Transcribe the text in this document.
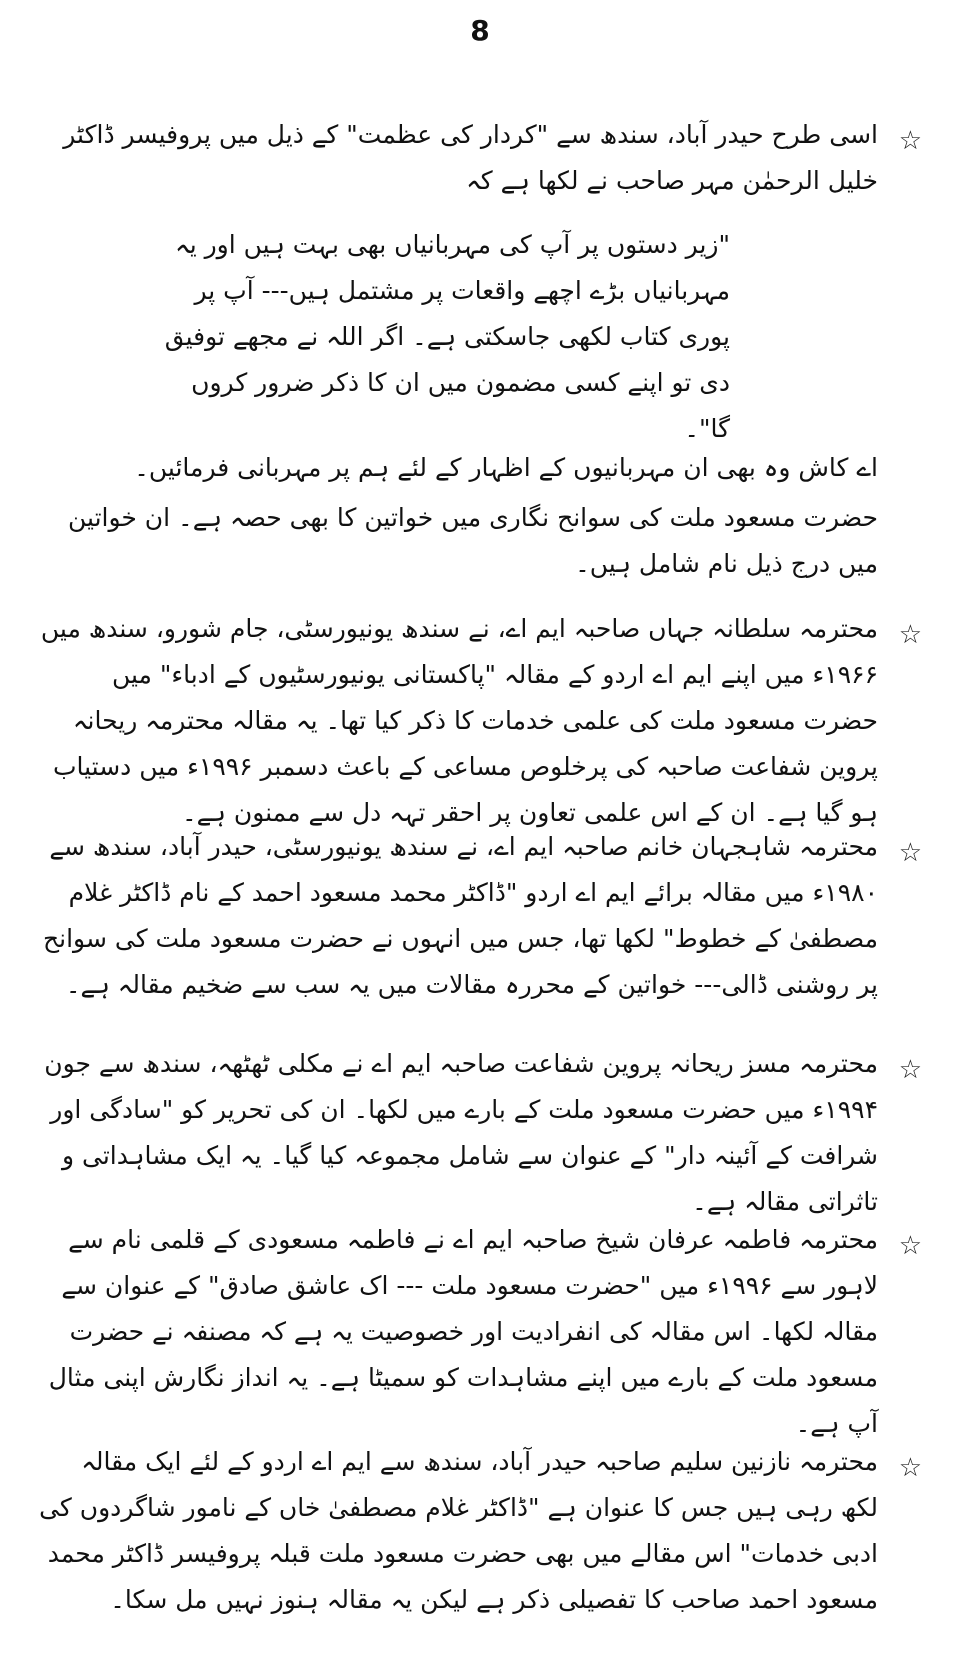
8
☆

اسی طرح حیدر آباد، سندھ سے "کردار کی عظمت" کے ذیل میں پروفیسر ڈاکٹر خلیل الرحمٰن مہر صاحب نے لکھا ہے کہ

"زیر دستوں پر آپ کی مہربانیاں بھی بہت ہیں اور یہ مہربانیاں بڑے اچھے واقعات پر مشتمل ہیں--- آپ پر پوری کتاب لکھی جاسکتی ہے۔ اگر اللہ نے مجھے توفیق دی تو اپنے کسی مضمون میں ان کا ذکر ضرور کروں گا"۔

اے کاش وہ بھی ان مہربانیوں کے اظہار کے لئے ہم پر مہربانی فرمائیں۔

حضرت مسعود ملت کی سوانح نگاری میں خواتین کا بھی حصہ ہے۔ ان خواتین میں درج ذیل نام شامل ہیں۔

☆

محترمہ سلطانہ جہاں صاحبہ ایم اے، نے سندھ یونیورسٹی، جام شورو، سندھ میں ۱۹۶۶ء میں اپنے ایم اے اردو کے مقالہ "پاکستانی یونیورسٹیوں کے ادباء" میں حضرت مسعود ملت کی علمی خدمات کا ذکر کیا تھا۔ یہ مقالہ محترمہ ریحانہ پروین شفاعت صاحبہ کی پرخلوص مساعی کے باعث دسمبر ۱۹۹۶ء میں دستیاب ہو گیا ہے۔ ان کے اس علمی تعاون پر احقر تہہ دل سے ممنون ہے۔

☆

محترمہ شاہجہان خانم صاحبہ ایم اے، نے سندھ یونیورسٹی، حیدر آباد، سندھ سے ۱۹۸۰ء میں مقالہ برائے ایم اے اردو "ڈاکٹر محمد مسعود احمد کے نام ڈاکٹر غلام مصطفیٰ کے خطوط" لکھا تھا، جس میں انہوں نے حضرت مسعود ملت کی سوانح پر روشنی ڈالی--- خواتین کے محررہ مقالات میں یہ سب سے ضخیم مقالہ ہے۔

☆

محترمہ مسز ریحانہ پروین شفاعت صاحبہ ایم اے نے مکلی ٹھٹھہ، سندھ سے جون ۱۹۹۴ء میں حضرت مسعود ملت کے بارے میں لکھا۔ ان کی تحریر کو "سادگی اور شرافت کے آئینہ دار" کے عنوان سے شامل مجموعہ کیا گیا۔ یہ ایک مشاہداتی و تاثراتی مقالہ ہے۔

☆

محترمہ فاطمہ عرفان شیخ صاحبہ ایم اے نے فاطمہ مسعودی کے قلمی نام سے لاہور سے ۱۹۹۶ء میں "حضرت مسعود ملت --- اک عاشق صادق" کے عنوان سے مقالہ لکھا۔ اس مقالہ کی انفرادیت اور خصوصیت یہ ہے کہ مصنفہ نے حضرت مسعود ملت کے بارے میں اپنے مشاہدات کو سمیٹا ہے۔ یہ انداز نگارش اپنی مثال آپ ہے۔

☆

محترمہ نازنین سلیم صاحبہ حیدر آباد، سندھ سے ایم اے اردو کے لئے ایک مقالہ لکھ رہی ہیں جس کا عنوان ہے "ڈاکٹر غلام مصطفیٰ خاں کے نامور شاگردوں کی ادبی خدمات" اس مقالے میں بھی حضرت مسعود ملت قبلہ پروفیسر ڈاکٹر محمد مسعود احمد صاحب کا تفصیلی ذکر ہے لیکن یہ مقالہ ہنوز نہیں مل سکا۔
